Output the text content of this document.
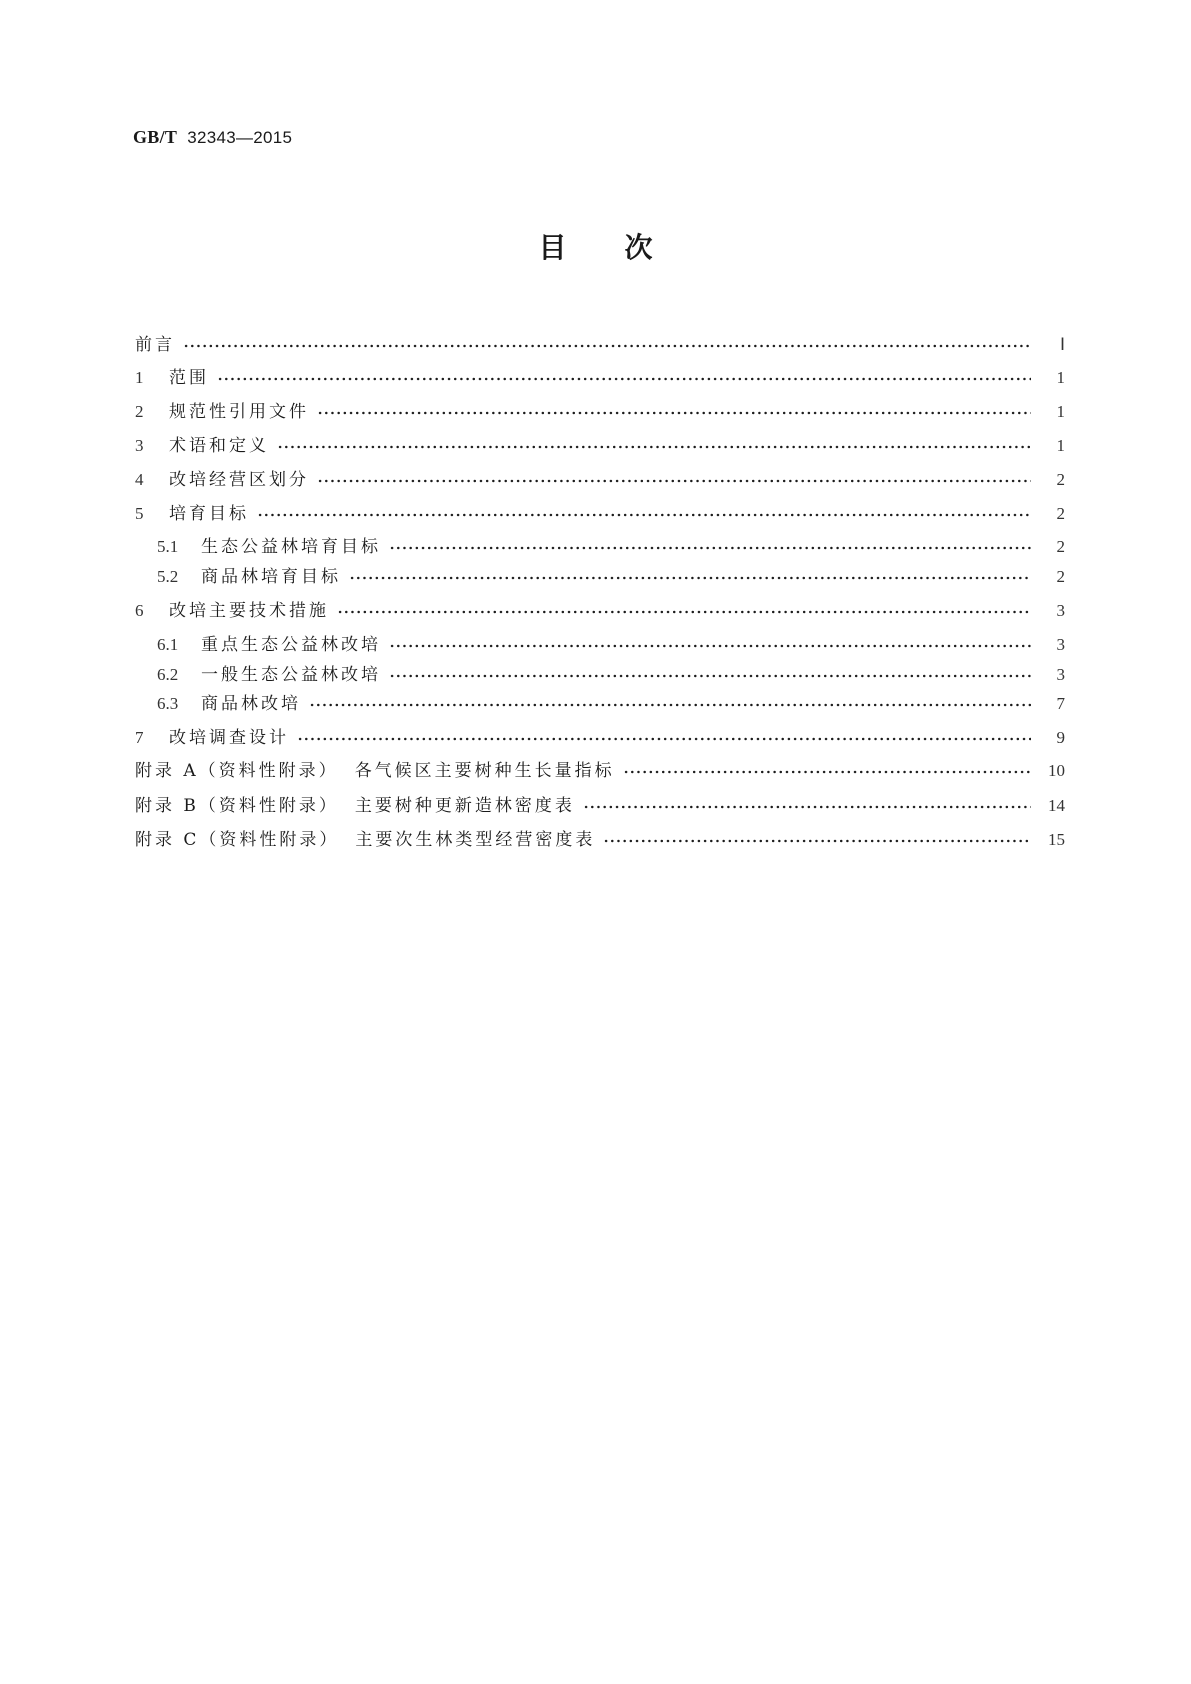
GB/T 32343—2015
目 次
前言	Ⅰ
1	范围	1
2	规范性引用文件	1
3	术语和定义	1
4	改培经营区划分	2
5	培育目标	2
5.1	生态公益林培育目标	2
5.2	商品林培育目标	2
6	改培主要技术措施	3
6.1	重点生态公益林改培	3
6.2	一般生态公益林改培	3
6.3	商品林改培	7
7	改培调查设计	9
附录 A（资料性附录） 各气候区主要树种生长量指标	10
附录 B（资料性附录） 主要树种更新造林密度表	14
附录 C（资料性附录） 主要次生林类型经营密度表	15
